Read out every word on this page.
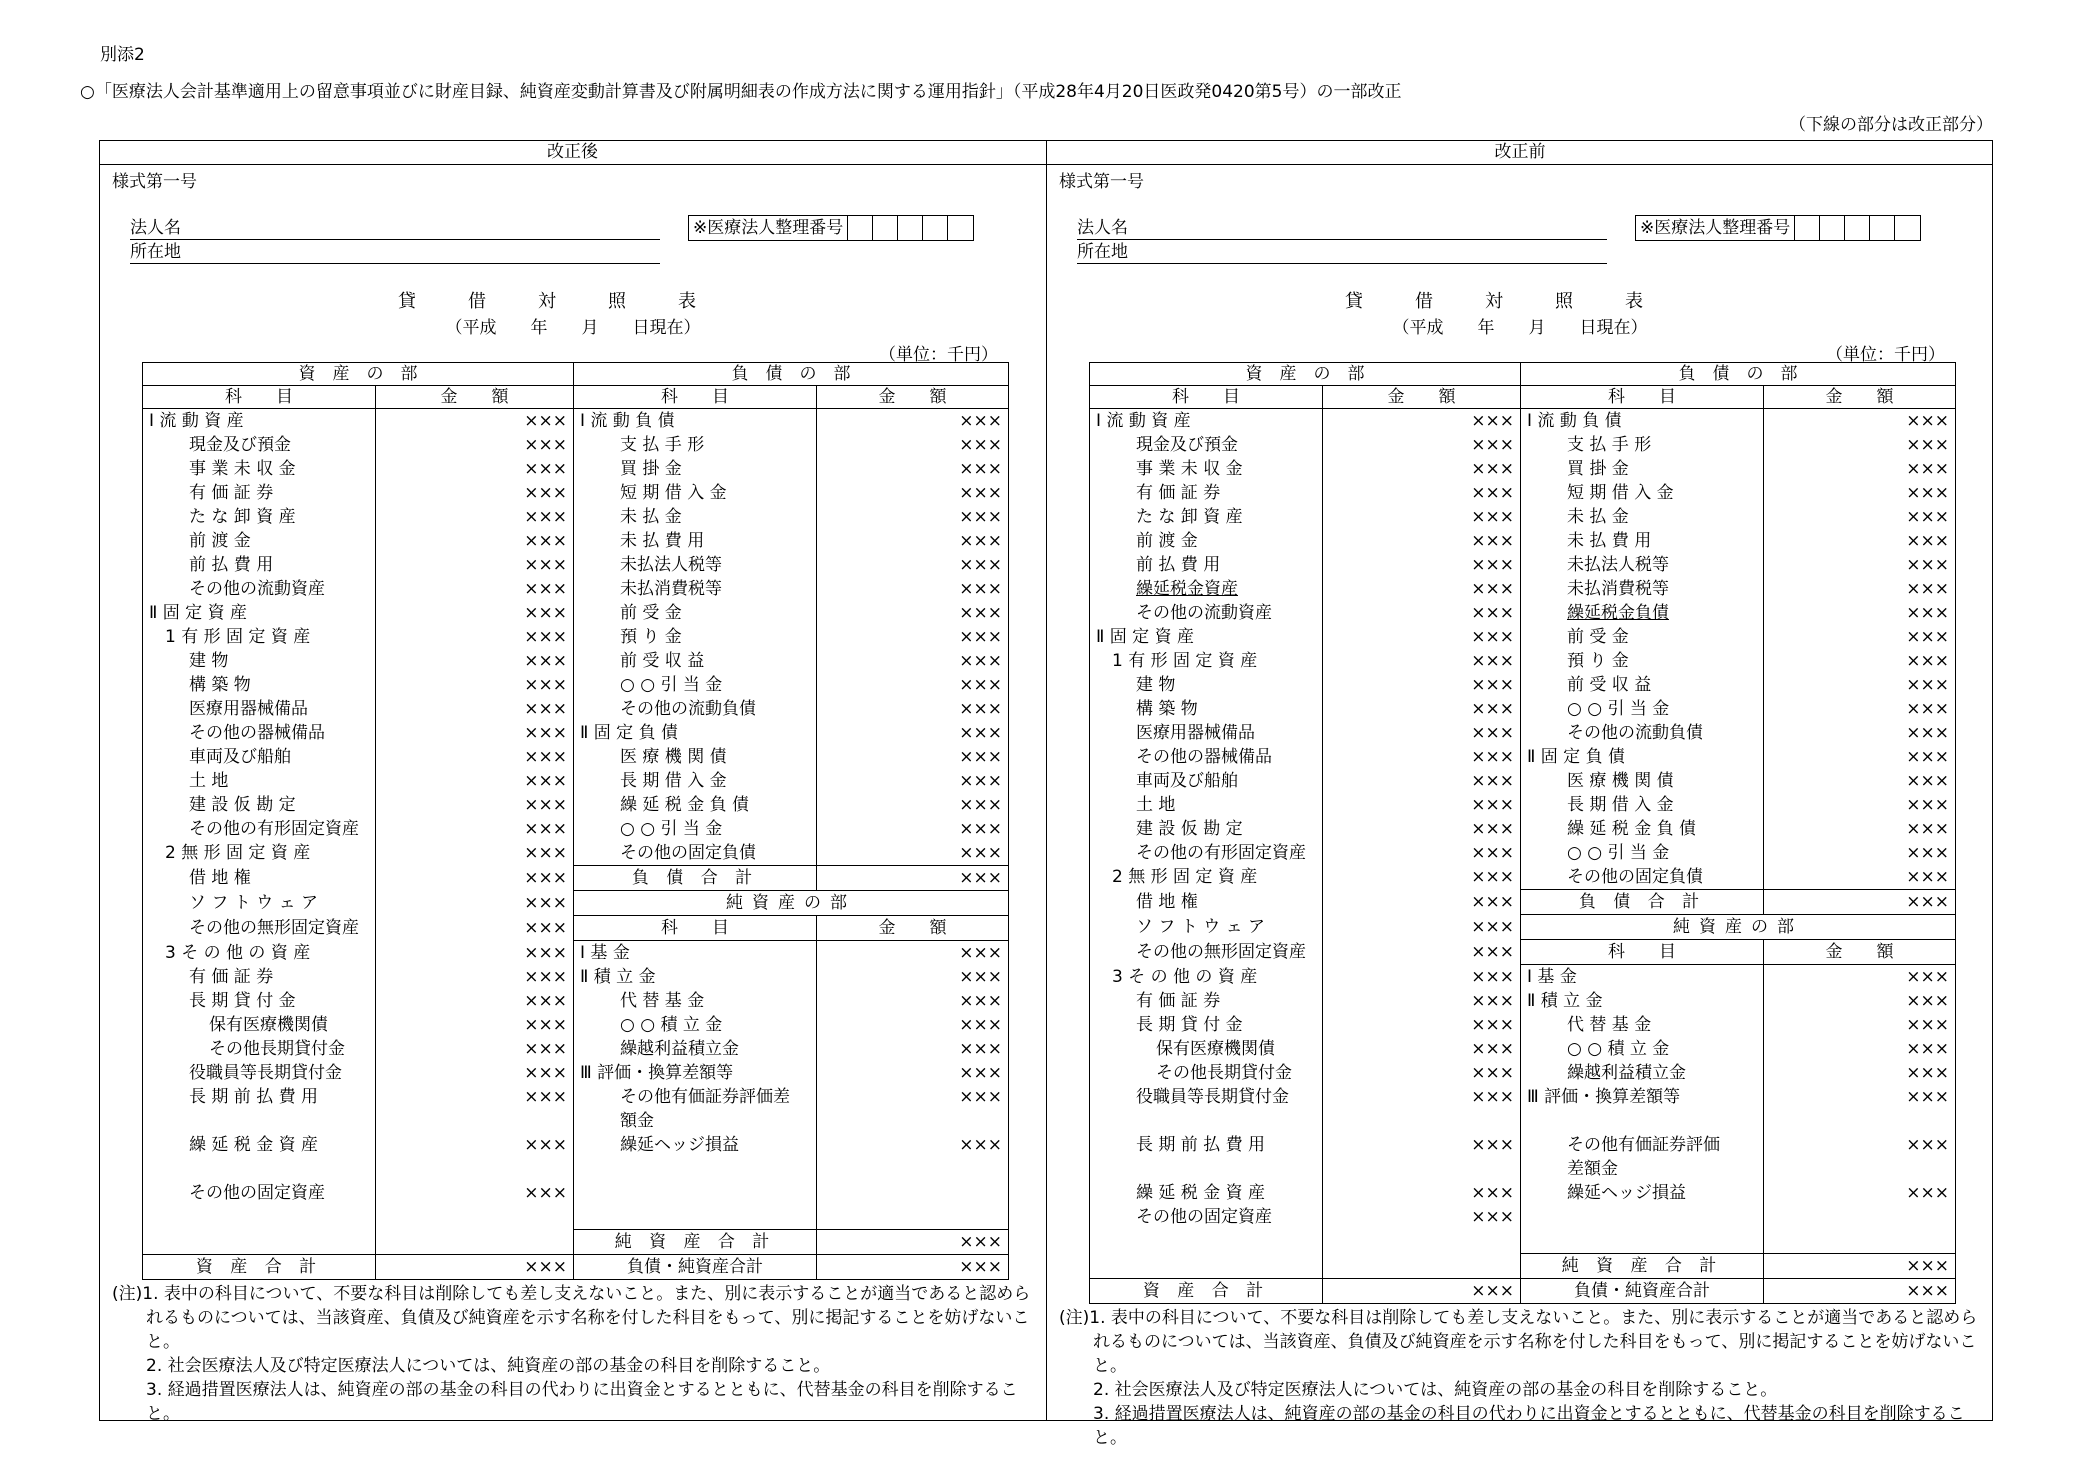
別添2
○「医療法人会計基準適用上の留意事項並びに財産目録、純資産変動計算書及び附属明細表の作成方法に関する運用指針」（平成28年4月20日医政発0420第5号）の一部改正
（下線の部分は改正部分）
改正後	改正前
様式第一号
法人名
所在地
※医療法人整理番号
貸借対照表
（平成　　年　　月　　日現在）
（単位：千円）
資　産　の　部		負　債　の　部	
科　　目	金　　額	科　　目	金　　額
Ⅰ 流 動 資 産	×××	Ⅰ 流 動 負 債	×××
現金及び預金	×××	支 払 手 形	×××
事 業 未 収 金	×××	買 掛 金	×××
有 価 証 券	×××	短 期 借 入 金	×××
た な 卸 資 産	×××	未 払 金	×××
前 渡 金	×××	未 払 費 用	×××
前 払 費 用	×××	未払法人税等	×××
その他の流動資産	×××	未払消費税等	×××
Ⅱ 固 定 資 産	×××	前 受 金	×××
1 有 形 固 定 資 産	×××	預 り 金	×××
建 物	×××	前 受 収 益	×××
構 築 物	×××	○ ○ 引 当 金	×××
医療用器械備品	×××	その他の流動負債	×××
その他の器械備品	×××	Ⅱ 固 定 負 債	×××
車両及び船舶	×××	医 療 機 関 債	×××
土 地	×××	長 期 借 入 金	×××
建 設 仮 勘 定	×××	繰 延 税 金 負 債	×××
その他の有形固定資産	×××	○ ○ 引 当 金	×××
2 無 形 固 定 資 産	×××	その他の固定負債	×××
借 地 権	×××	負 債 合 計	×××
ソ フ ト ウ ェ ア	×××	純資産の部	
その他の無形固定資産	×××	科　　目	金　　額
3 そ の 他 の 資 産	×××	Ⅰ 基 金	×××
有 価 証 券	×××	Ⅱ 積 立 金	×××
長 期 貸 付 金	×××	代 替 基 金	×××
保有医療機関債	×××	○ ○ 積 立 金	×××
その他長期貸付金	×××	繰越利益積立金	×××
役職員等長期貸付金	×××	Ⅲ 評価・換算差額等	×××
長 期 前 払 費 用	×××	その他有価証券評価差	×××
		額金	
繰 延 税 金 資 産	×××	繰延ヘッジ損益	×××

その他の固定資産	×××		

		純 資 産 合 計	×××
資 産 合 計	×××	負債・純資産合計	×××

(注)1. 表中の科目について、不要な科目は削除しても差し支えないこと。また、別に表示することが適当であると認められるものについては、当該資産、負債及び純資産を示す名称を付した科目をもって、別に掲記することを妨げないこと。

2. 社会医療法人及び特定医療法人については、純資産の部の基金の科目を削除すること。

3. 経過措置医療法人は、純資産の部の基金の科目の代わりに出資金とするとともに、代替基金の科目を削除すること。

様式第一号
法人名
所在地
※医療法人整理番号
貸借対照表
（平成　　年　　月　　日現在）
（単位：千円）
資　産　の　部		負　債　の　部	
科　　目	金　　額	科　　目	金　　額
Ⅰ 流 動 資 産	×××	Ⅰ 流 動 負 債	×××
現金及び預金	×××	支 払 手 形	×××
事 業 未 収 金	×××	買 掛 金	×××
有 価 証 券	×××	短 期 借 入 金	×××
た な 卸 資 産	×××	未 払 金	×××
前 渡 金	×××	未 払 費 用	×××
前 払 費 用	×××	未払法人税等	×××
繰延税金資産	×××	未払消費税等	×××
その他の流動資産	×××	繰延税金負債	×××
Ⅱ 固 定 資 産	×××	前 受 金	×××
1 有 形 固 定 資 産	×××	預 り 金	×××
建 物	×××	前 受 収 益	×××
構 築 物	×××	○ ○ 引 当 金	×××
医療用器械備品	×××	その他の流動負債	×××
その他の器械備品	×××	Ⅱ 固 定 負 債	×××
車両及び船舶	×××	医 療 機 関 債	×××
土 地	×××	長 期 借 入 金	×××
建 設 仮 勘 定	×××	繰 延 税 金 負 債	×××
その他の有形固定資産	×××	○ ○ 引 当 金	×××
2 無 形 固 定 資 産	×××	その他の固定負債	×××
借 地 権	×××	負 債 合 計	×××
ソ フ ト ウ ェ ア	×××	純資産の部	
その他の無形固定資産	×××	科　　目	金　　額
3 そ の 他 の 資 産	×××	Ⅰ 基 金	×××
有 価 証 券	×××	Ⅱ 積 立 金	×××
長 期 貸 付 金	×××	代 替 基 金	×××
保有医療機関債	×××	○ ○ 積 立 金	×××
その他長期貸付金	×××	繰越利益積立金	×××
役職員等長期貸付金	×××	Ⅲ 評価・換算差額等	×××

長 期 前 払 費 用	×××	その他有価証券評価	×××
		差額金	
繰 延 税 金 資 産	×××	繰延ヘッジ損益	×××
その他の固定資産	×××		

		純 資 産 合 計	×××
資 産 合 計	×××	負債・純資産合計	×××

(注)1. 表中の科目について、不要な科目は削除しても差し支えないこと。また、別に表示することが適当であると認められるものについては、当該資産、負債及び純資産を示す名称を付した科目をもって、別に掲記することを妨げないこと。

2. 社会医療法人及び特定医療法人については、純資産の部の基金の科目を削除すること。

3. 経過措置医療法人は、純資産の部の基金の科目の代わりに出資金とするとともに、代替基金の科目を削除すること。
